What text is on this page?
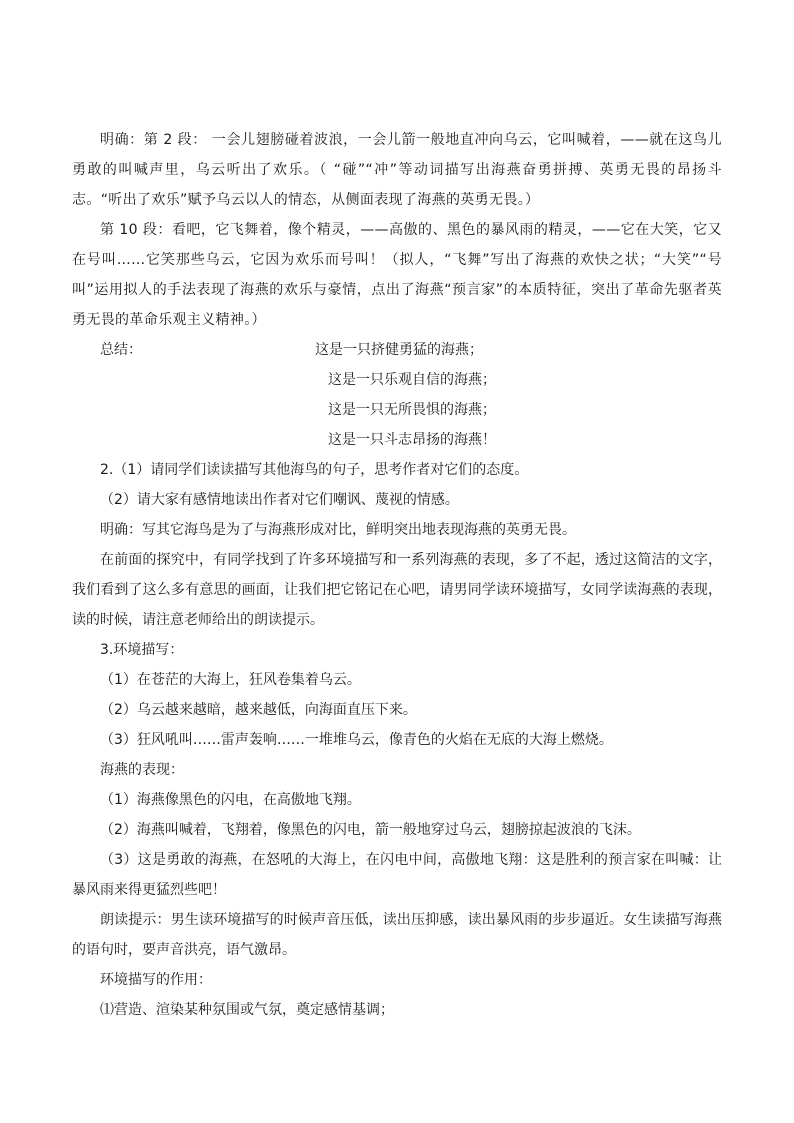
明确：第 2 段： 一会儿翅膀碰着波浪，一会儿箭一般地直冲向乌云，它叫喊着，——就在这鸟儿勇敢的叫喊声里，乌云听出了欢乐。（ “碰”“冲”等动词描写出海燕奋勇拼搏、英勇无畏的昂扬斗志。“听出了欢乐”赋予乌云以人的情态，从侧面表现了海燕的英勇无畏。）

第 10 段：看吧，它飞舞着，像个精灵，——高傲的、黑色的暴风雨的精灵，——它在大笑，它又在号叫……它笑那些乌云，它因为欢乐而号叫！（拟人，“飞舞”写出了海燕的欢快之状；“大笑”“号叫”运用拟人的手法表现了海燕的欢乐与豪情，点出了海燕“预言家”的本质特征，突出了革命先驱者英勇无畏的革命乐观主义精神。）

总结：	这是一只挤健勇猛的海燕；
这是一只乐观自信的海燕；
这是一只无所畏惧的海燕；
这是一只斗志昂扬的海燕！

2.（1）请同学们读读描写其他海鸟的句子，思考作者对它们的态度。

（2）请大家有感情地读出作者对它们嘲讽、蔑视的情感。

明确：写其它海鸟是为了与海燕形成对比，鲜明突出地表现海燕的英勇无畏。

在前面的探究中，有同学找到了许多环境描写和一系列海燕的表现，多了不起，透过这简洁的文字，我们看到了这么多有意思的画面，让我们把它铭记在心吧，请男同学读环境描写，女同学读海燕的表现，读的时候，请注意老师给出的朗读提示。

3.环境描写：

（1）在苍茫的大海上，狂风卷集着乌云。

（2）乌云越来越暗，越来越低，向海面直压下来。

（3）狂风吼叫……雷声轰响……一堆堆乌云，像青色的火焰在无底的大海上燃烧。

海燕的表现：

（1）海燕像黑色的闪电，在高傲地飞翔。

（2）海燕叫喊着，飞翔着，像黑色的闪电，箭一般地穿过乌云，翅膀掠起波浪的飞沫。

（3）这是勇敢的海燕，在怒吼的大海上，在闪电中间，高傲地飞翔：这是胜利的预言家在叫喊：让暴风雨来得更猛烈些吧！

朗读提示：男生读环境描写的时候声音压低，读出压抑感，读出暴风雨的步步逼近。女生读描写海燕的语句时，要声音洪亮，语气激昂。

环境描写的作用：

⑴营造、渲染某种氛围或气氛，奠定感情基调；
